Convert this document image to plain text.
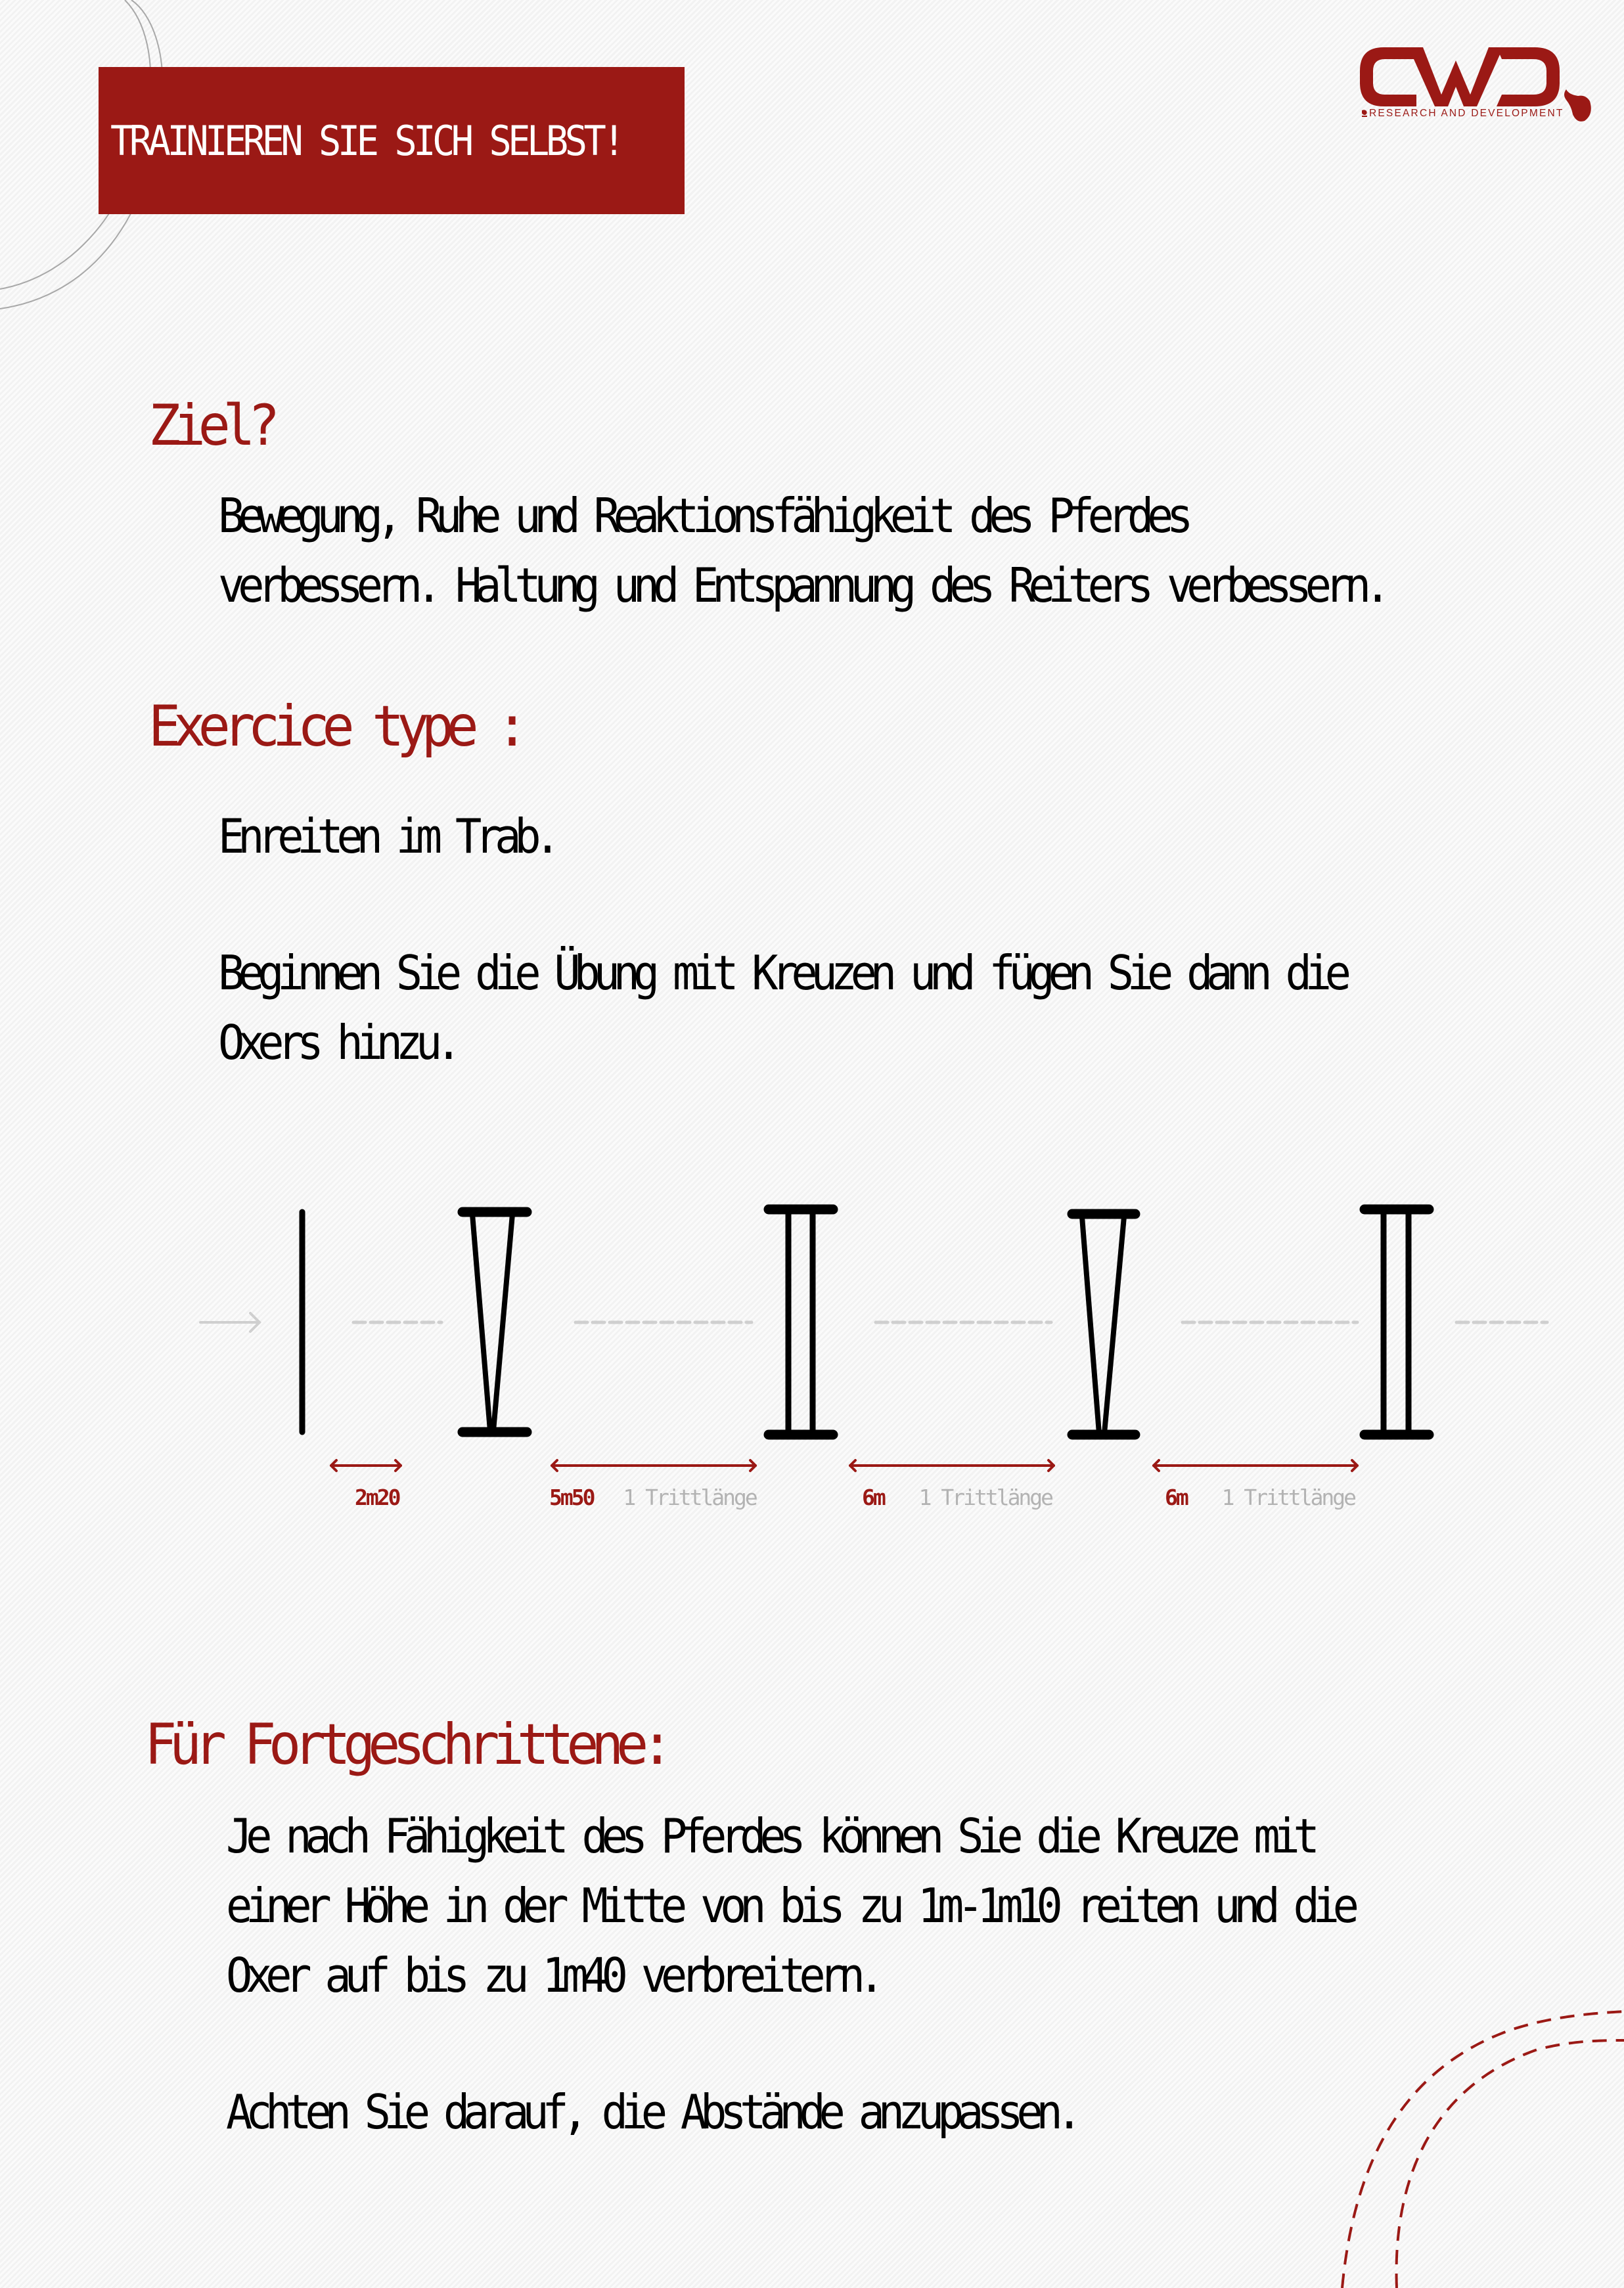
TRAINIEREN SIE SICH SELBST!
RESEARCH AND DEVELOPMENT
Ziel?
Bewegung, Ruhe und Reaktionsfähigkeit des Pferdes
verbessern. Haltung und Entspannung des Reiters verbessern.
Exercice type :
Enreiten im Trab.
Beginnen Sie die Übung mit Kreuzen und fügen Sie dann die
Oxers hinzu.
2m20	5m50 1 Trittlänge	6m 1 Trittlänge	6m 1 Trittlänge
Für Fortgeschrittene:
Je nach Fähigkeit des Pferdes können Sie die Kreuze mit
einer Höhe in der Mitte von bis zu 1m-1m10 reiten und die
Oxer auf bis zu 1m40 verbreitern.
Achten Sie darauf, die Abstände anzupassen.
